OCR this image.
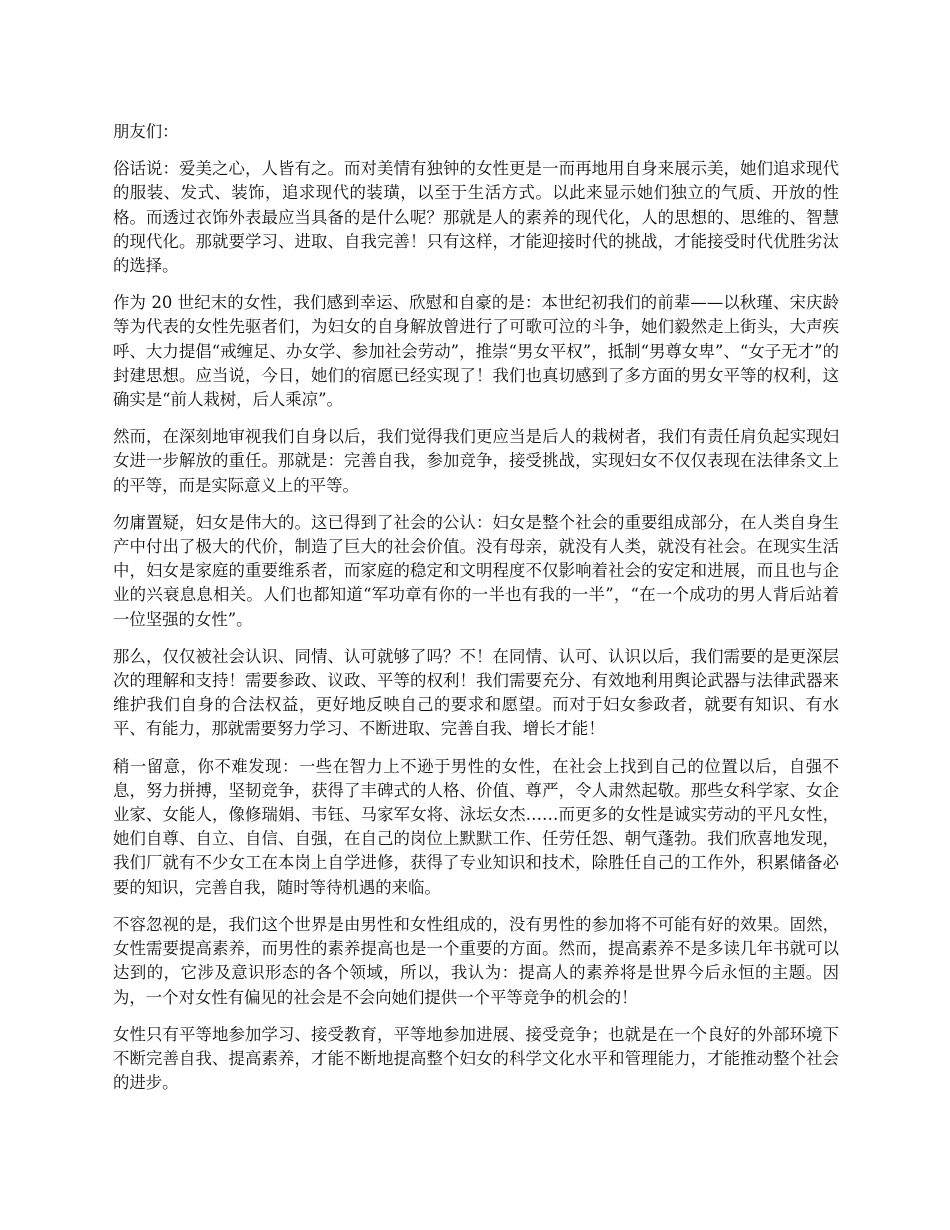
朋友们：

俗话说：爱美之心，人皆有之。而对美情有独钟的女性更是一而再地用自身来展示美，她们追求现代的服装、发式、装饰，追求现代的装璜，以至于生活方式。以此来显示她们独立的气质、开放的性格。而透过衣饰外表最应当具备的是什么呢？那就是人的素养的现代化，人的思想的、思维的、智慧的现代化。那就要学习、进取、自我完善！只有这样，才能迎接时代的挑战，才能接受时代优胜劣汰的选择。

作为 20 世纪末的女性，我们感到幸运、欣慰和自豪的是：本世纪初我们的前辈——以秋瑾、宋庆龄等为代表的女性先驱者们，为妇女的自身解放曾进行了可歌可泣的斗争，她们毅然走上街头，大声疾呼、大力提倡“戒缠足、办女学、参加社会劳动”，推崇“男女平权”，抵制“男尊女卑”、“女子无才”的封建思想。应当说，今日，她们的宿愿已经实现了！我们也真切感到了多方面的男女平等的权利，这确实是“前人栽树，后人乘凉”。

然而，在深刻地审视我们自身以后，我们觉得我们更应当是后人的栽树者，我们有责任肩负起实现妇女进一步解放的重任。那就是：完善自我，参加竞争，接受挑战，实现妇女不仅仅表现在法律条文上的平等，而是实际意义上的平等。

勿庸置疑，妇女是伟大的。这已得到了社会的公认：妇女是整个社会的重要组成部分，在人类自身生产中付出了极大的代价，制造了巨大的社会价值。没有母亲，就没有人类，就没有社会。在现实生活中，妇女是家庭的重要维系者，而家庭的稳定和文明程度不仅影响着社会的安定和进展，而且也与企业的兴衰息息相关。人们也都知道“军功章有你的一半也有我的一半”，“在一个成功的男人背后站着一位坚强的女性”。

那么，仅仅被社会认识、同情、认可就够了吗？不！在同情、认可、认识以后，我们需要的是更深层次的理解和支持！需要参政、议政、平等的权利！我们需要充分、有效地利用舆论武器与法律武器来维护我们自身的合法权益，更好地反映自己的要求和愿望。而对于妇女参政者，就要有知识、有水平、有能力，那就需要努力学习、不断进取、完善自我、增长才能！

稍一留意，你不难发现：一些在智力上不逊于男性的女性，在社会上找到自己的位置以后，自强不息，努力拼搏，坚韧竞争，获得了丰碑式的人格、价值、尊严，令人肃然起敬。那些女科学家、女企业家、女能人，像修瑞娟、韦钰、马家军女将、泳坛女杰……而更多的女性是诚实劳动的平凡女性，她们自尊、自立、自信、自强，在自己的岗位上默默工作、任劳任怨、朝气蓬勃。我们欣喜地发现，我们厂就有不少女工在本岗上自学进修，获得了专业知识和技术，除胜任自己的工作外，积累储备必要的知识，完善自我，随时等待机遇的来临。

不容忽视的是，我们这个世界是由男性和女性组成的，没有男性的参加将不可能有好的效果。固然，女性需要提高素养，而男性的素养提高也是一个重要的方面。然而，提高素养不是多读几年书就可以达到的，它涉及意识形态的各个领域，所以，我认为：提高人的素养将是世界今后永恒的主题。因为，一个对女性有偏见的社会是不会向她们提供一个平等竞争的机会的！

女性只有平等地参加学习、接受教育，平等地参加进展、接受竞争；也就是在一个良好的外部环境下不断完善自我、提高素养，才能不断地提高整个妇女的科学文化水平和管理能力，才能推动整个社会的进步。
